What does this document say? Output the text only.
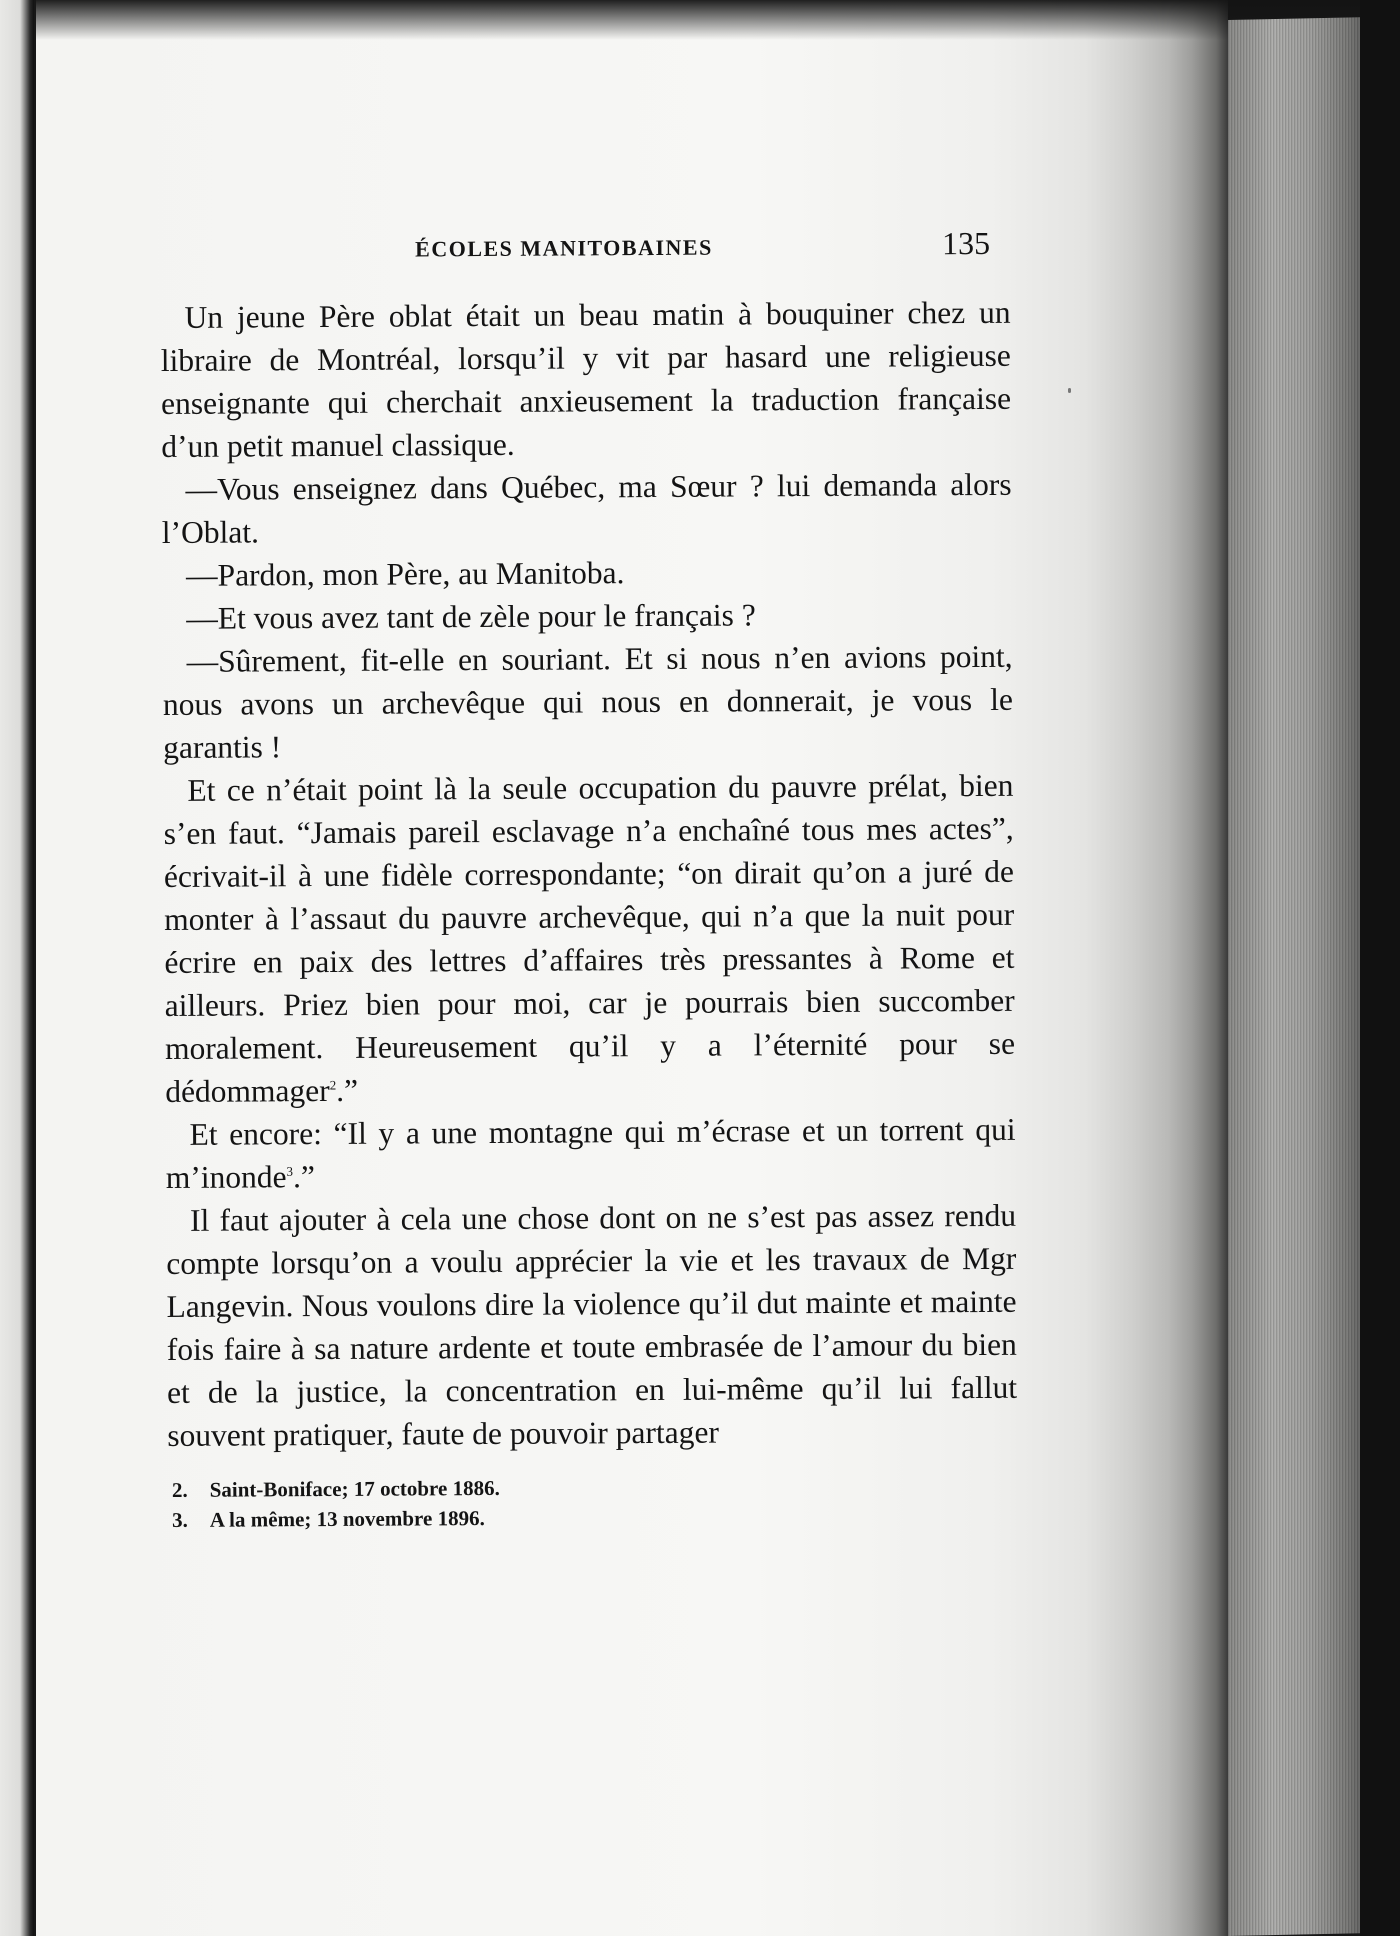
ÉCOLES MANITOBAINES	135

Un jeune Père oblat était un beau matin à bouquiner chez un libraire de Montréal, lorsqu’il y vit par hasard une religieuse enseignante qui cherchait anxieusement la traduction française d’un petit manuel classique.

—Vous enseignez dans Québec, ma Sœur ? lui demanda alors l’Oblat.

—Pardon, mon Père, au Manitoba.

—Et vous avez tant de zèle pour le français ?

—Sûrement, fit-elle en souriant. Et si nous n’en avions point, nous avons un archevêque qui nous en donnerait, je vous le garantis !

Et ce n’était point là la seule occupation du pauvre prélat, bien s’en faut. “Jamais pareil esclavage n’a enchaîné tous mes actes”, écrivait-il à une fidèle correspondante; “on dirait qu’on a juré de monter à l’assaut du pauvre archevêque, qui n’a que la nuit pour écrire en paix des lettres d’affaires très pressantes à Rome et ailleurs. Priez bien pour moi, car je pourrais bien succomber moralement. Heureusement qu’il y a l’éternité pour se dédommager$^2$.”

Et encore: “Il y a une montagne qui m’écrase et un torrent qui m’inonde$^3$.”

Il faut ajouter à cela une chose dont on ne s’est pas assez rendu compte lorsqu’on a voulu apprécier la vie et les travaux de Mgr Langevin. Nous voulons dire la violence qu’il dut mainte et mainte fois faire à sa nature ardente et toute embrasée de l’amour du bien et de la justice, la concentration en lui-même qu’il lui fallut souvent pratiquer, faute de pouvoir partager

2. Saint-Boniface; 17 octobre 1886.
3. A la même; 13 novembre 1896.
